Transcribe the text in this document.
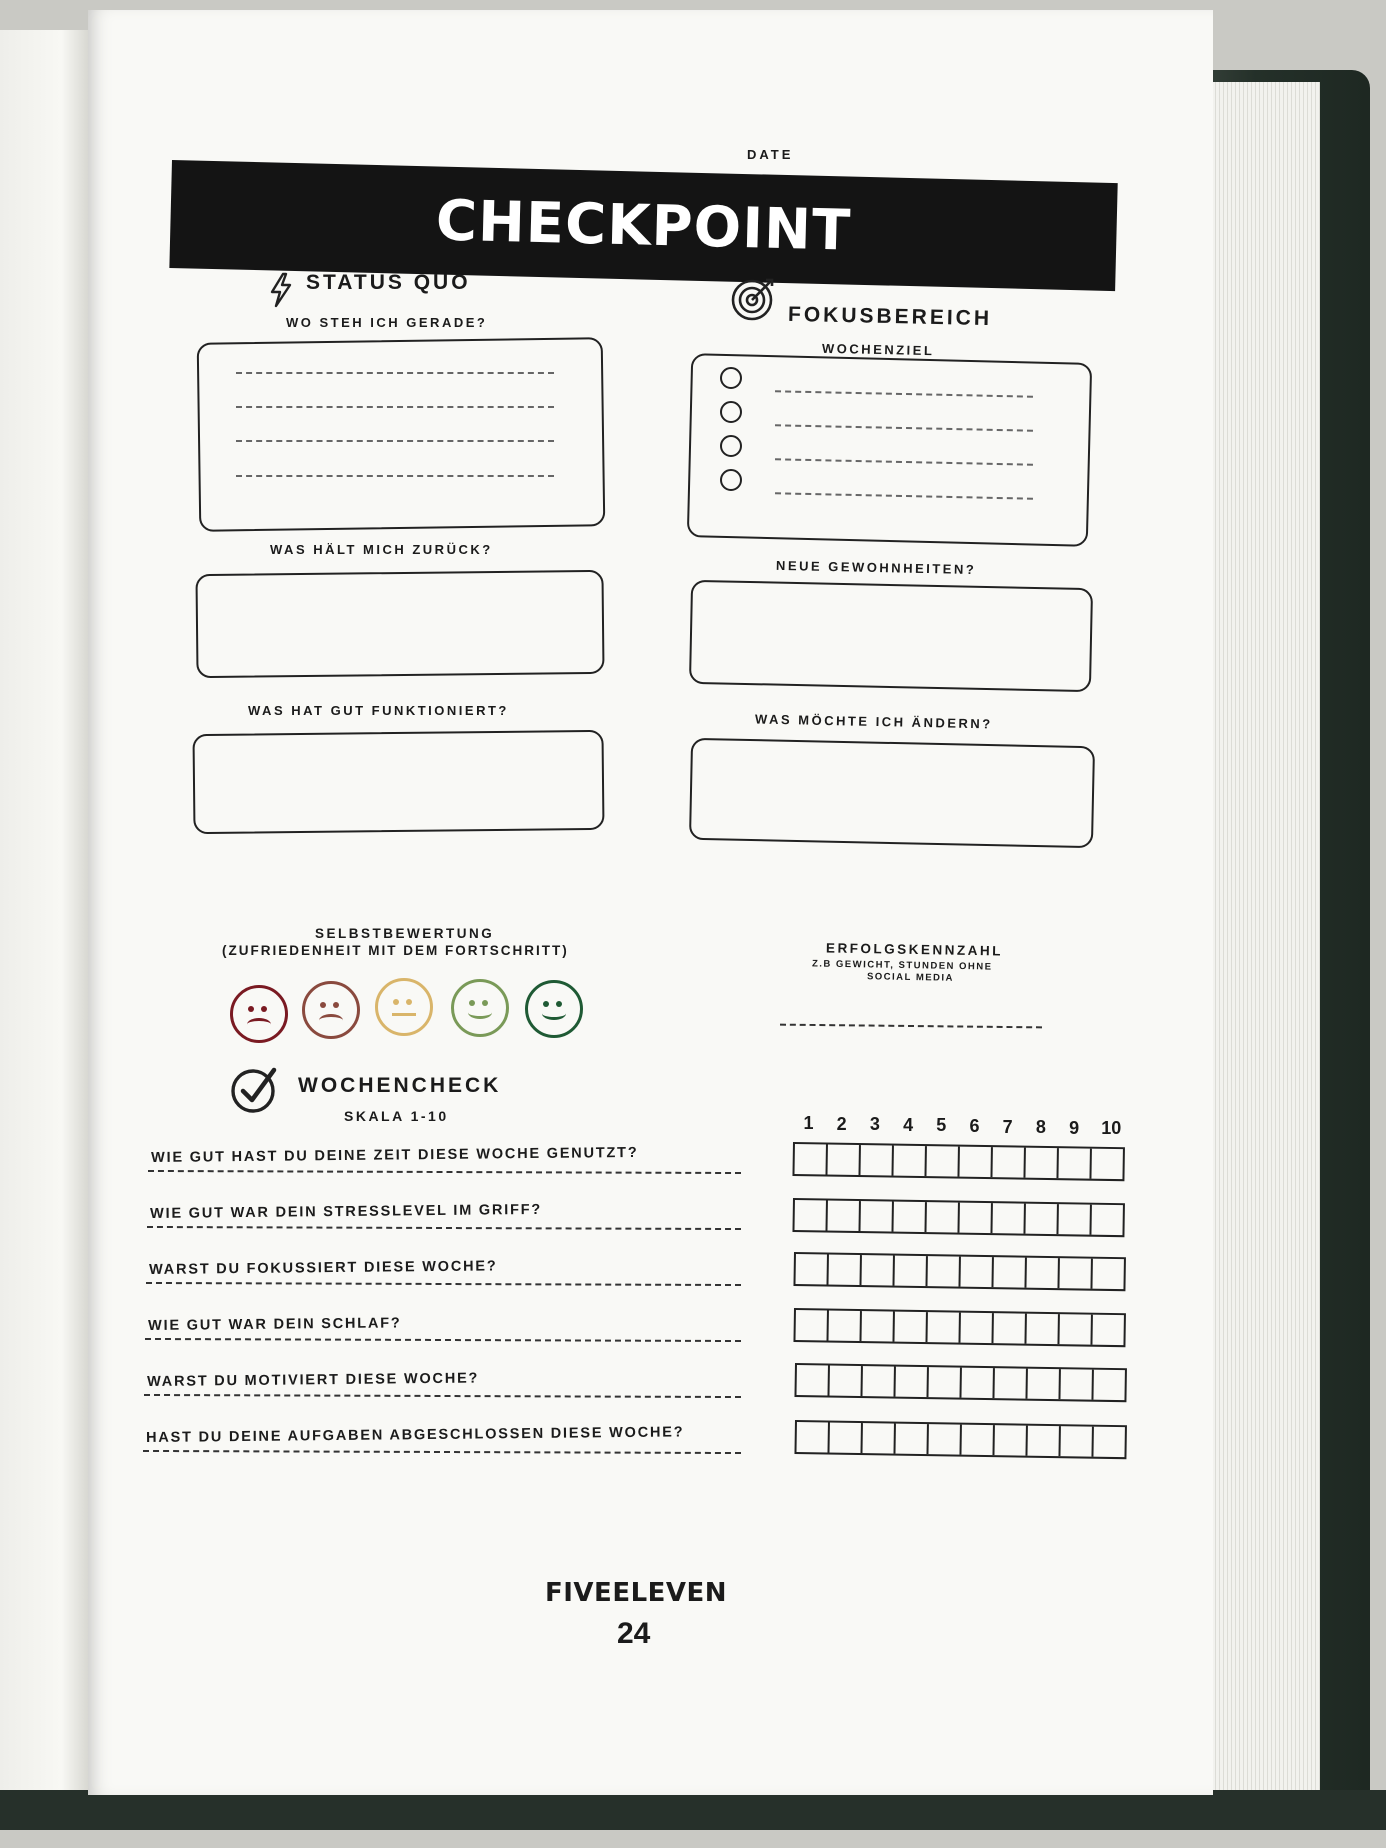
DATE
CHECKPOINT
STATUS QUO
WO STEH ICH GERADE?
WAS HÄLT MICH ZURÜCK?
WAS HAT GUT FUNKTIONIERT?
FOKUSBEREICH
WOCHENZIEL
NEUE GEWOHNHEITEN?
WAS MÖCHTE ICH ÄNDERN?
SELBSTBEWERTUNG
(ZUFRIEDENHEIT MIT DEM FORTSCHRITT)	ERFOLGSKENNZAHL
Z.B GEWICHT, STUNDEN OHNE
SOCIAL MEDIA
WOCHENCHECK
SKALA 1-10	1	2	3	4	5	6	7	8	9	10
WIE GUT HAST DU DEINE ZEIT DIESE WOCHE GENUTZT?
WIE GUT WAR DEIN STRESSLEVEL IM GRIFF?
WARST DU FOKUSSIERT DIESE WOCHE?
WIE GUT WAR DEIN SCHLAF?
WARST DU MOTIVIERT DIESE WOCHE?
HAST DU DEINE AUFGABEN ABGESCHLOSSEN DIESE WOCHE?
FIVEELEVEN
24
